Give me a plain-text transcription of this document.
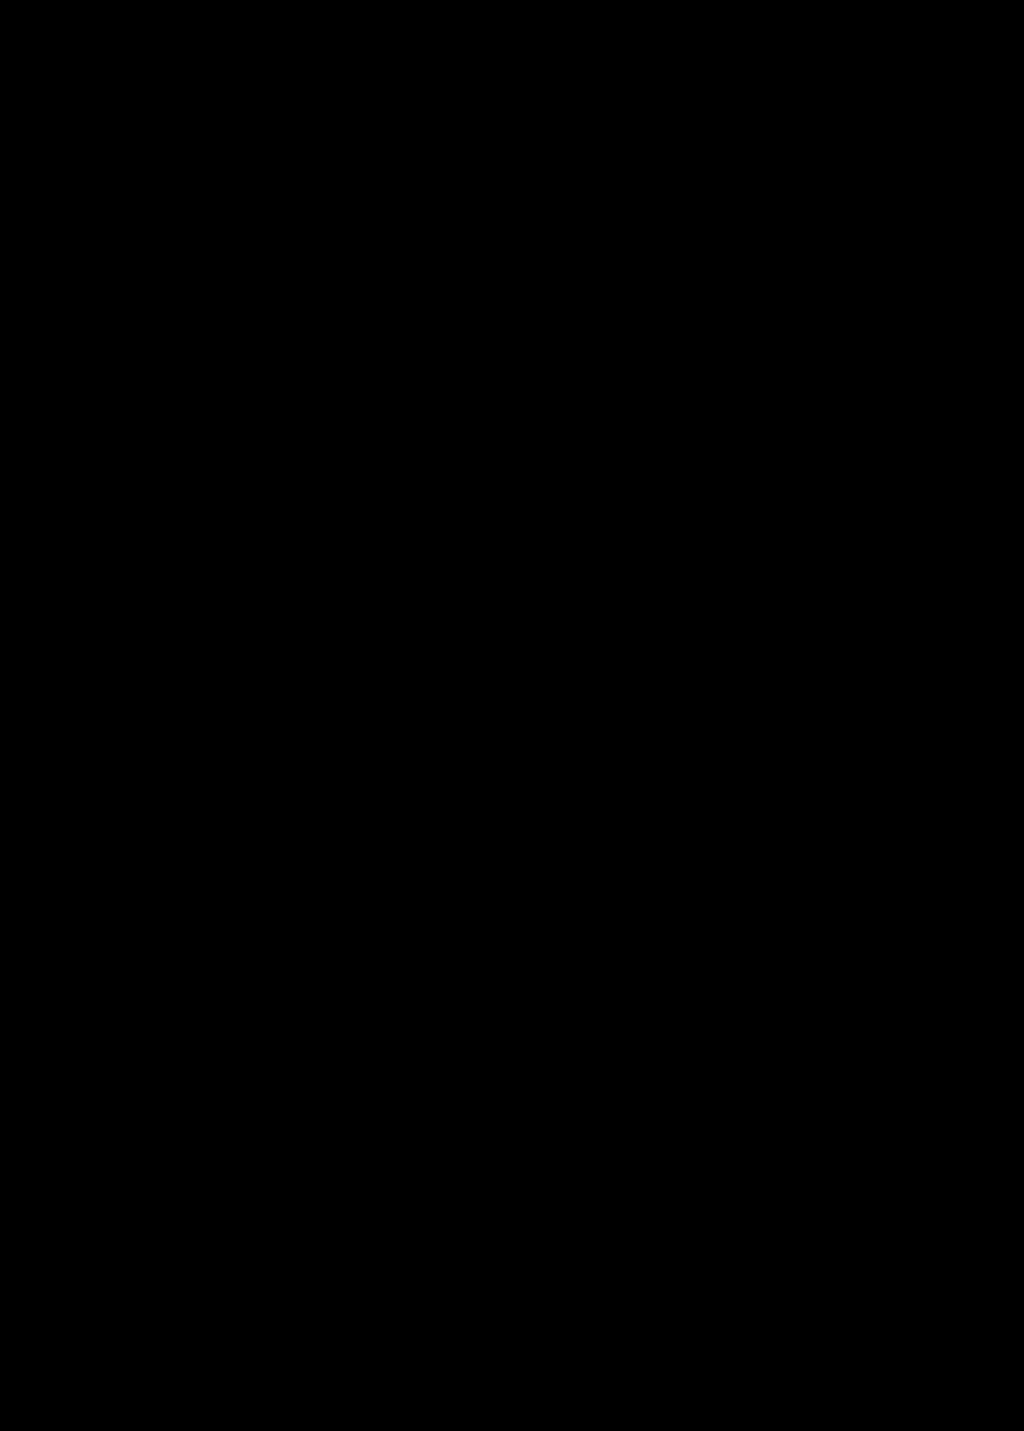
h) w sprawie poboru podatku rolnego, podatku leśnego i podatku od nieruchomości od osób fizycznych w drodze inkasa, określenia inkasentów i wysokości wynagrodzenia za inkaso,
i) w sprawie uchwalenia uchwały budżetowej Gminy Dąbrówka na 2016 rok
j) w sprawie uchwalenia Wieloletniej Prognozy Finansowej Gminy Dąbrówka na lata 2016-2021
k) w sprawie zmiany uchwały Nr X/78/2015 Rady Gminy Dąbrówka dnia 22 września 2015r. w sprawie zaciągnięcia długoterminowej pożyczki z Wojewódzkiego Funduszu Ochrony Środowiska i Gospodarki Wodnej w Warszawie na sfinansowanie zadania pn. „Budowa wodociągu wraz z przyłączami w miejscowości Ludwinów i Ostrówek”
l) w sprawie wyrażenia zgody na przystąpienie Gminy Dąbrówka do projektu pn.: ”System Wczesnego Ostrzegania (SWO) przed zjawiskami katastrofalnymi w Powiecie Wołomińskim” w ramach Regionalnego Programu Operacyjnego Województwa Mazowieckiego 2014 – 2020,
m) w sprawie uchwalenia Gminnego Programu Profilaktyki, Rozwiązywania problemów Alkoholowych i Przeciwdziałania Narkomanii na 2016 rok
n) w sprawie ustalenia wysokości miesięcznego wynagrodzenia Wójtowi Gminy Dąbrówka,
o) w sprawie ustalenia miesięcznych diet dla radnych Rady Gminy z uwzględnieniem pełnionych funkcji oraz przewodniczący rad sołeckich,
p) W sprawie wstępnej lokalizacji przystanków komunikacyjnych na terenie Gminy Dąbrówka dla zaspokojenia potrzeb mieszkańców.
7. Odczytanie podań skierowanych do Przewodniczącego i Rady Gminy.
8. Sprawy różne i wolne wnioski.
9. Zamknięcie obrad.
Nawiązując do przedstawionego porządku obrad Zastępca Wójta Pan Zenon Zadrożny poprosił o zdjęcie z porządku obrad w pkt. 6 podjęcie uchwał, uchwały pod lit. b w sprawie przyjęcia Strategii Rozwoju Gminy Dąbrówka na lata 2015 -2023 z uwagi na brak opinii Wojewódzkiego Inspektora Sanitarnego i Regionalnego Dyrektora Ochrony Środowiska.
Wniosek został poddany pod głosowanie przez przewodniczącego obrad.
W głosowaniu jawnym wniosek został przyjęty jednogłośnie (15 głosami „za” przy obecności 15 Radnych)
Pan Rosa Sławomir wnioskował o zdjęcie z porządku obrad z pkt.6 podjęcie uchwał, uchwały pod lit. o) w sprawie ustalenia miesięcznych diet dla radnych Rady Gminy z uwzględnieniem pełnionych funkcji oraz dla przewodniczących rad sołeckich.
Prowadzący obrady poddał pod głosowanie ww. wniosek.
W głosowaniu jawnym wniosek został przyjęty większością głosów ( 12 głosów „za”, 2 głosy „przeciw”, 1 głos „wstrzymujący”)
W dalszej kolejności prowadzący obrady odczytał i poddał pod głosowanie porządek obrad w następującym kształcie:
1. Powitanie i otwarcie obrad.
a) Przyjęcie porządku obrad.
2. Wybór sekretarza obrad.
3. Przyjęcie protokołu z ostatniej sesji.
